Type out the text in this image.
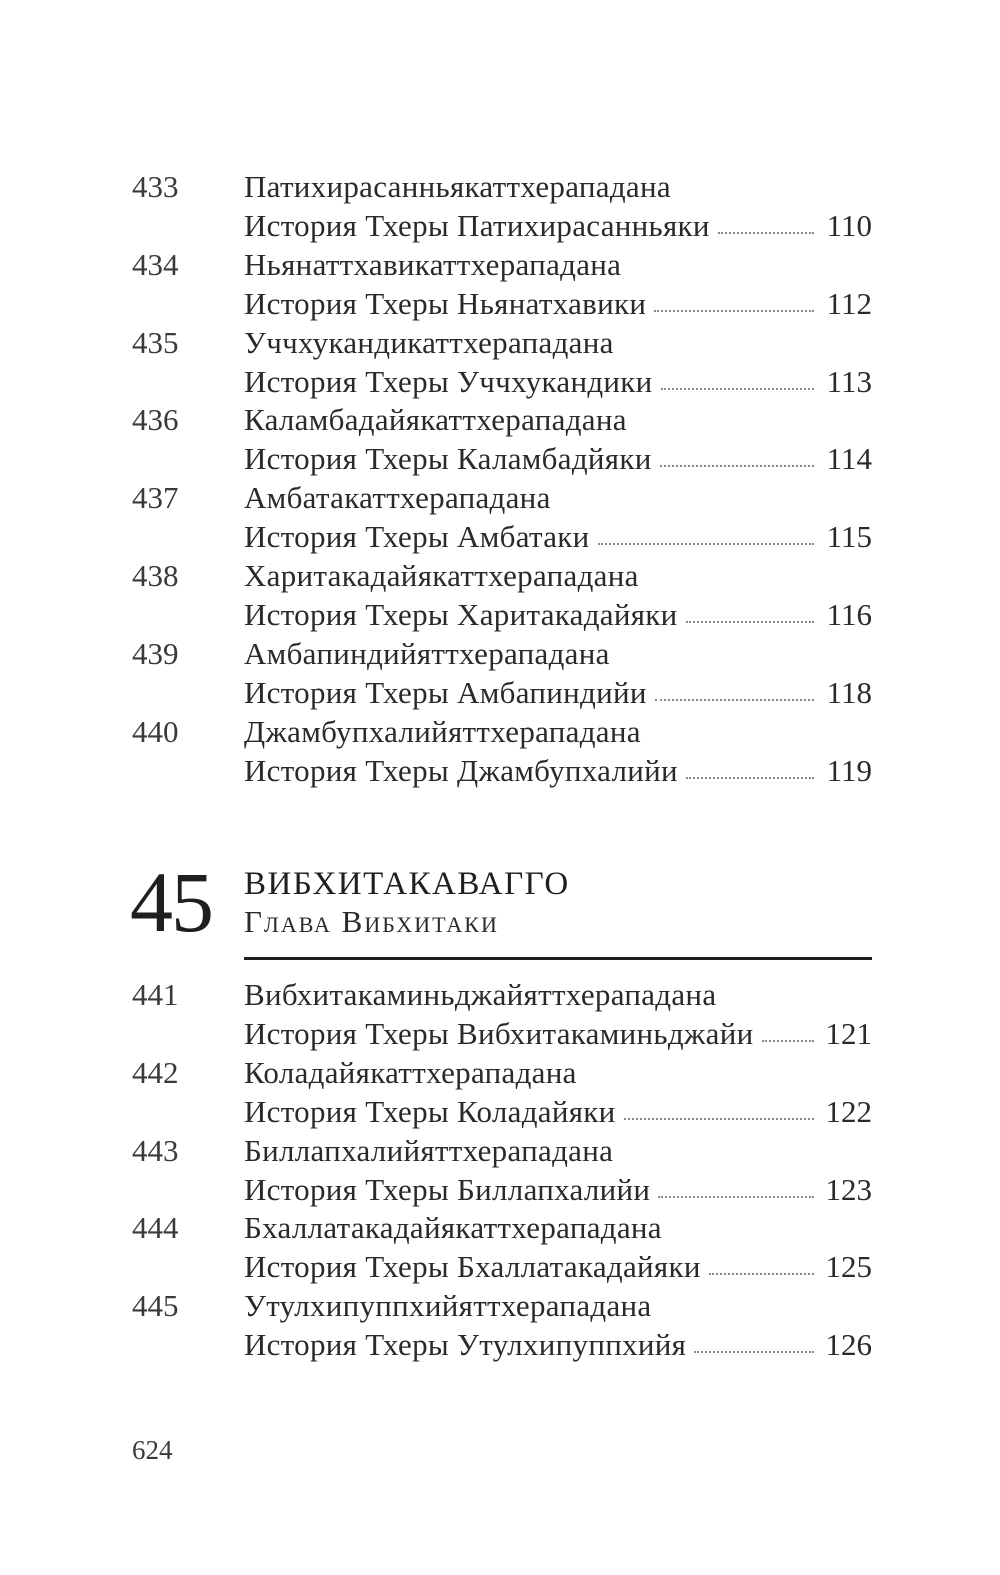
433 Патихирасанньякаттхерападана
История Тхеры Патихирасанньяки	110
434 Ньянаттхавикаттхерападана
История Тхеры Ньянатхавики	112
435 Уччхукандикаттхерападана
История Тхеры Уччхукандики	113
436 Каламбадайякаттхерападана
История Тхеры Каламбадйяки	114
437 Амбатакаттхерападана
История Тхеры Амбатаки	115
438 Харитакадайякаттхерападана
История Тхеры Харитакадайяки	116
439 Амбапиндийяттхерападана
История Тхеры Амбапиндийи	118
440 Джамбупхалийяттхерападана
История Тхеры Джамбупхалийи	119
45 ВИБХИТАКАВАГГО
Глава Вибхитаки
441 Вибхитакаминьджайяттхерападана
История Тхеры Вибхитакаминьджайи 121
442 Коладайякаттхерападана
История Тхеры Коладайяки	122
443 Биллапхалийяттхерападана
История Тхеры Биллапхалийи	123
444 Бхаллатакадайякаттхерападана
История Тхеры Бхаллатакадайяки	125
445 Утулхипуппхийяттхерападана
История Тхеры Утулхипуппхийя	126
624
